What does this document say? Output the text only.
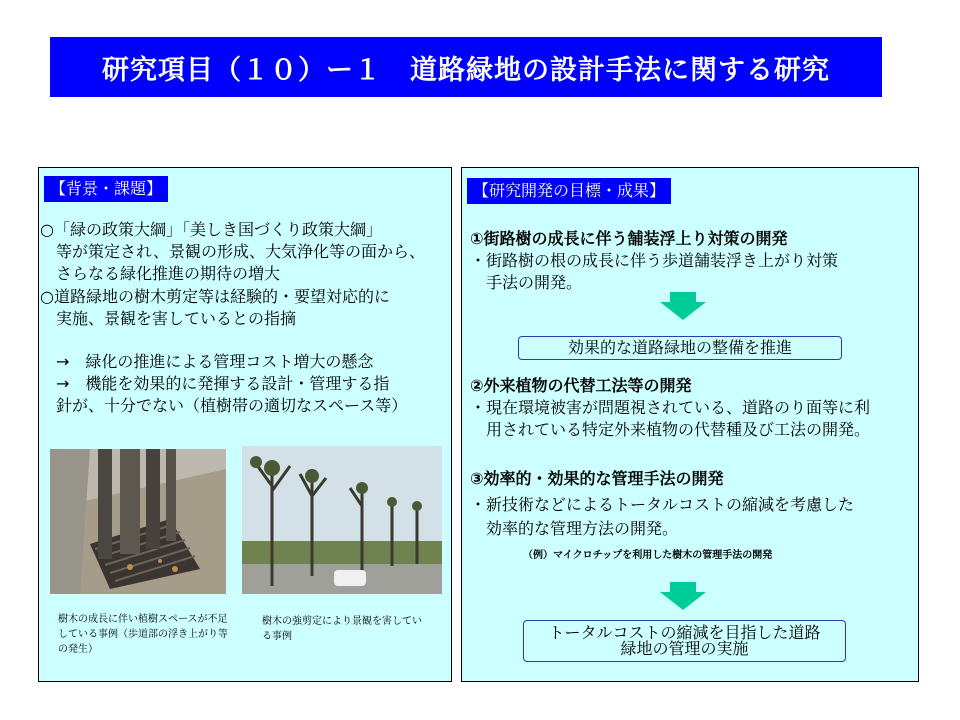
研究項目（１０）ー１　道路緑地の設計手法に関する研究
【背景・課題】
○「緑の政策大綱」「美しき国づくり政策大綱」
　等が策定され、景観の形成、大気浄化等の面から、
　さらなる緑化推進の期待の増大
○道路緑地の樹木剪定等は経験的・要望対応的に
　実施、景観を害しているとの指摘
　→　緑化の推進による管理コスト増大の懸念
　→　機能を効果的に発揮する設計・管理する指
　針が、十分でない（植樹帯の適切なスペース等）
樹木の成長に伴い植樹スペースが不足している事例（歩道部の浮き上がり等の発生）
樹木の強剪定により景観を害している事例
【研究開発の目標・成果】
①街路樹の成長に伴う舗装浮上り対策の開発
・街路樹の根の成長に伴う歩道舗装浮き上がり対策
　手法の開発。
効果的な道路緑地の整備を推進
②外来植物の代替工法等の開発
・現在環境被害が問題視されている、道路のり面等に利
　用されている特定外来植物の代替種及び工法の開発。
③効率的・効果的な管理手法の開発
・新技術などによるトータルコストの縮減を考慮した
　効率的な管理方法の開発。
（例）マイクロチップを利用した樹木の管理手法の開発
トータルコストの縮減を目指した道路
緑地の管理の実施
